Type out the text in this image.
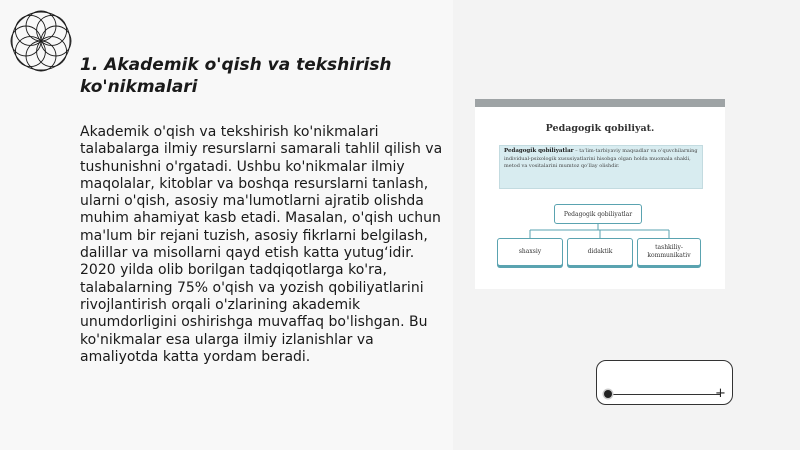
1. Akademik o'qish va tekshirish ko'nikmalari

Akademik o'qish va tekshirish ko'nikmalari talabalarga ilmiy resurslarni samarali tahlil qilish va tushunishni o'rgatadi. Ushbu ko'nikmalar ilmiy maqolalar, kitoblar va boshqa resurslarni tanlash, ularni o'qish, asosiy ma'lumotlarni ajratib olishda muhim ahamiyat kasb etadi. Masalan, o'qish uchun ma'lum bir rejani tuzish, asosiy fikrlarni belgilash, dalillar va misollarni qayd etish katta yutug‘idir. 2020 yilda olib borilgan tadqiqotlarga ko'ra, talabalarning 75% o'qish va yozish qobiliyatlarini rivojlantirish orqali o'zlarining akademik unumdorligini oshirishga muvaffaq bo'lishgan. Bu ko'nikmalar esa ularga ilmiy izlanishlar va amaliyotda katta yordam beradi.

Pedagogik qobiliyat.
Pedagogik qobiliyatlar – ta’lim-tarbiyaviy maqsadlar va o‘quvchilarning individual-psixologik xususiyatlarini hisobga olgan holda muomala shakli, metod va vositalarini mumtoz qo‘llay olishdir.
Pedagogik qobiliyatlar
shaxsiy	didaktik
tashkiliy-
kommunikativ
+
